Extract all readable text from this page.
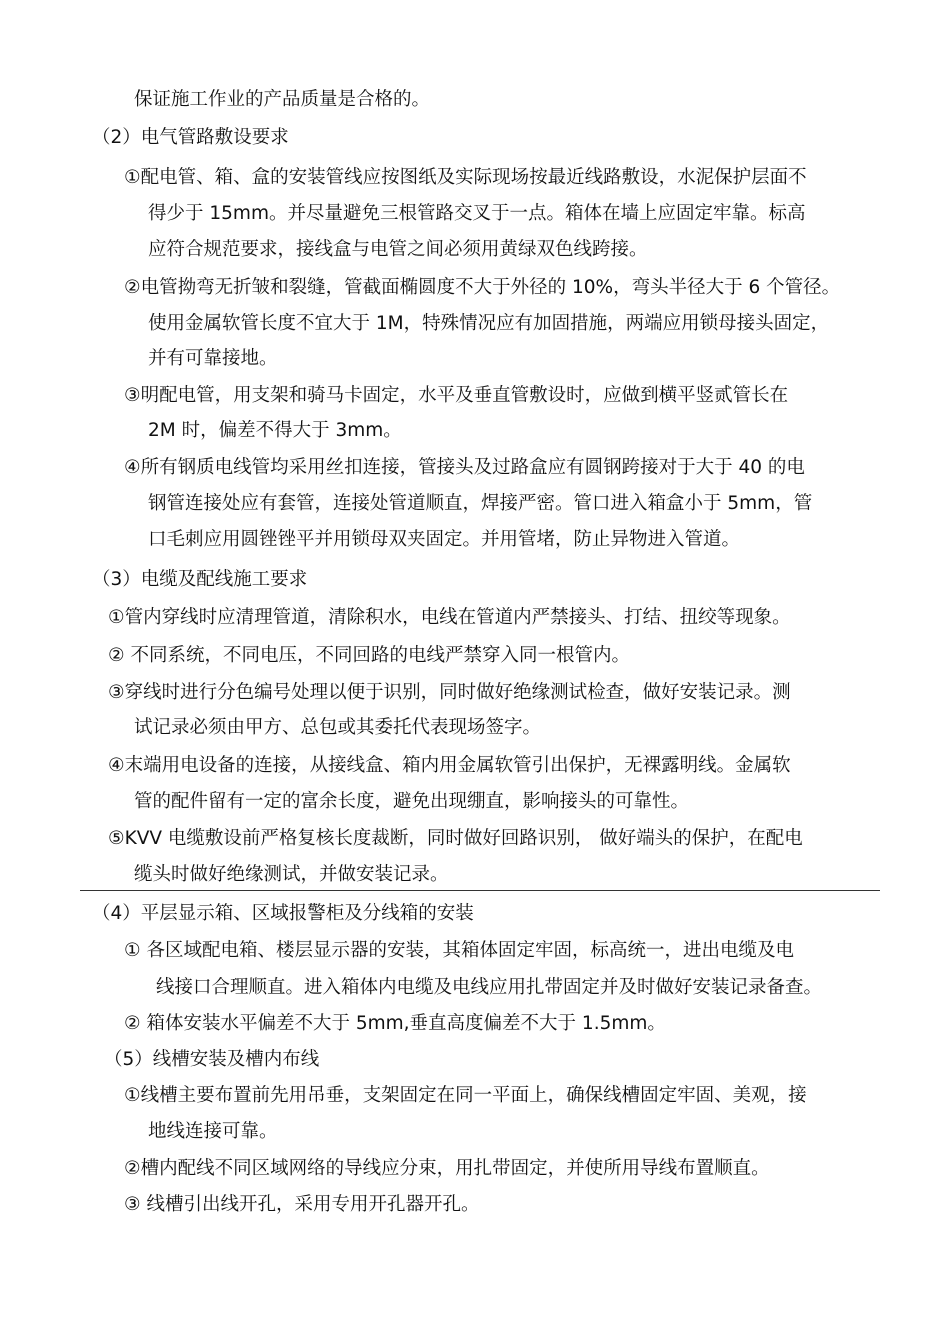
保证施工作业的产品质量是合格的。
（2）电气管路敷设要求
①配电管、箱、盒的安装管线应按图纸及实际现场按最近线路敷设，水泥保护层面不
得少于 15mm。并尽量避免三根管路交叉于一点。箱体在墙上应固定牢靠。标高
应符合规范要求，接线盒与电管之间必须用黄绿双色线跨接。
②电管拗弯无折皱和裂缝，管截面椭圆度不大于外径的 10%，弯头半径大于 6 个管径。
使用金属软管长度不宜大于 1M，特殊情况应有加固措施，两端应用锁母接头固定，
并有可靠接地。
③明配电管，用支架和骑马卡固定，水平及垂直管敷设时，应做到横平竖贰管长在
2M 时，偏差不得大于 3mm。
④所有钢质电线管均采用丝扣连接，管接头及过路盒应有圆钢跨接对于大于 40 的电
钢管连接处应有套管，连接处管道顺直，焊接严密。管口进入箱盒小于 5mm，管
口毛刺应用圆锉锉平并用锁母双夹固定。并用管堵，防止异物进入管道。
（3）电缆及配线施工要求
①管内穿线时应清理管道，清除积水，电线在管道内严禁接头、打结、扭绞等现象。
② 不同系统，不同电压，不同回路的电线严禁穿入同一根管内。
③穿线时进行分色编号处理以便于识别，同时做好绝缘测试检查，做好安装记录。测
试记录必须由甲方、总包或其委托代表现场签字。
④末端用电设备的连接，从接线盒、箱内用金属软管引出保护，无裸露明线。金属软
管的配件留有一定的富余长度，避免出现绷直，影响接头的可靠性。
⑤KVV 电缆敷设前严格复核长度裁断，同时做好回路识别， 做好端头的保护，在配电
缆头时做好绝缘测试，并做安装记录。
（4）平层显示箱、区域报警柜及分线箱的安装
① 各区域配电箱、楼层显示器的安装，其箱体固定牢固，标高统一，进出电缆及电
线接口合理顺直。进入箱体内电缆及电线应用扎带固定并及时做好安装记录备查。
② 箱体安装水平偏差不大于 5mm,垂直高度偏差不大于 1.5mm。
（5）线槽安装及槽内布线
①线槽主要布置前先用吊垂，支架固定在同一平面上，确保线槽固定牢固、美观，接
地线连接可靠。
②槽内配线不同区域网络的导线应分束，用扎带固定，并使所用导线布置顺直。
③ 线槽引出线开孔，采用专用开孔器开孔。
